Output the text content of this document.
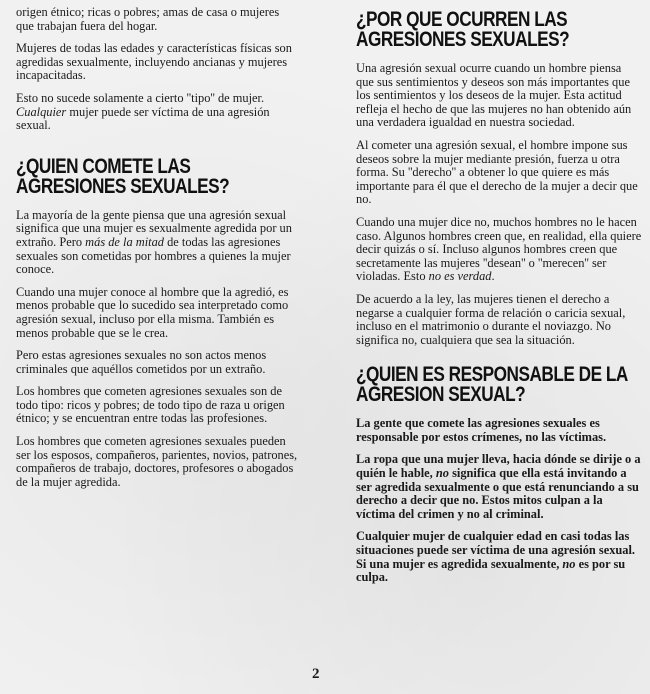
origen étnico; ricas o pobres; amas de casa o mujeres que trabajan fuera del hogar.

Mujeres de todas las edades y características físicas son agredidas sexualmente, incluyendo ancianas y mujeres incapacitadas.

Esto no sucede solamente a cierto ''tipo'' de mujer. Cualquier mujer puede ser víctima de una agresión sexual.

¿QUIEN COMETE LAS AGRESIONES SEXUALES?

La mayoría de la gente piensa que una agresión sexual significa que una mujer es sexualmente agredida por un extraño. Pero más de la mitad de todas las agresiones sexuales son cometidas por hombres a quienes la mujer conoce.

Cuando una mujer conoce al hombre que la agredió, es menos probable que lo sucedido sea interpretado como agresión sexual, incluso por ella misma. También es menos probable que se le crea.

Pero estas agresiones sexuales no son actos menos criminales que aquéllos cometidos por un extraño.

Los hombres que cometen agresiones sexuales son de todo tipo: ricos y pobres; de todo tipo de raza u origen étnico; y se encuentran entre todas las profesiones.

Los hombres que cometen agresiones sexuales pueden ser los esposos, compañeros, parientes, novios, patrones, compañeros de trabajo, doctores, profesores o abogados de la mujer agredida.

¿POR QUE OCURREN LAS AGRESIONES SEXUALES?

Una agresión sexual ocurre cuando un hombre piensa que sus sentimientos y deseos son más importantes que los sentimientos y los deseos de la mujer. Esta actitud refleja el hecho de que las mujeres no han obtenido aún una verdadera igualdad en nuestra sociedad.

Al cometer una agresión sexual, el hombre impone sus deseos sobre la mujer mediante presión, fuerza u otra forma. Su ''derecho'' a obtener lo que quiere es más importante para él que el derecho de la mujer a decir que no.

Cuando una mujer dice no, muchos hombres no le hacen caso. Algunos hombres creen que, en realidad, ella quiere decir quizás o sí. Incluso algunos hombres creen que secretamente las mujeres ''desean'' o ''merecen'' ser violadas. Esto no es verdad.

De acuerdo a la ley, las mujeres tienen el derecho a negarse a cualquier forma de relación o caricia sexual, incluso en el matrimonio o durante el noviazgo. No significa no, cualquiera que sea la situación.

¿QUIEN ES RESPONSABLE DE LA AGRESION SEXUAL?

La gente que comete las agresiones sexuales es responsable por estos crímenes, no las víctimas.

La ropa que una mujer lleva, hacia dónde se dirije o a quién le hable, no significa que ella está invitando a ser agredida sexualmente o que está renunciando a su derecho a decir que no. Estos mitos culpan a la víctima del crimen y no al criminal.

Cualquier mujer de cualquier edad en casi todas las situaciones puede ser víctima de una agresión sexual. Si una mujer es agredida sexualmente, no es por su culpa.

2
